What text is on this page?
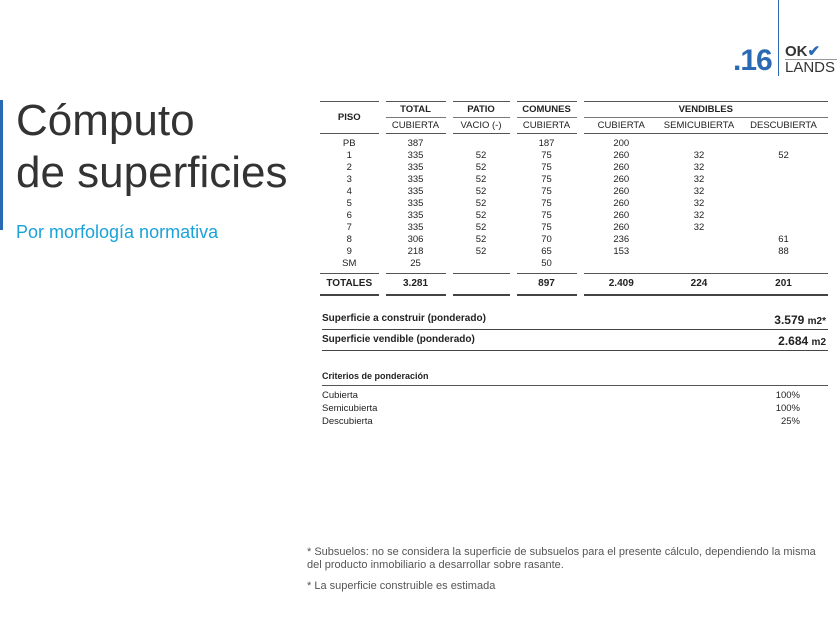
.16 OK✔
LANDS
Cómputo
de superficies
Por morfología normativa
PISO	TOTAL	PATIO	COMUNES	VENDIBLES		
	CUBIERTA	VACIO (-)	CUBIERTA	CUBIERTA	SEMICUBIERTA	DESCUBIERTA
PB	387		187	200		
1	335	52	75	260	32	52
2	335	52	75	260	32	
3	335	52	75	260	32	
4	335	52	75	260	32	
5	335	52	75	260	32	
6	335	52	75	260	32	
7	335	52	75	260	32	
8	306	52	70	236		61
9	218	52	65	153		88
SM	25		50			
TOTALES	3.281		897	2.409	224	201
Superficie a construir (ponderado)	3.579 m2*
Superficie vendible (ponderado)	2.684 m2
Criterios de ponderación
Cubierta	100%
Semicubierta	100%
Descubierta	25%
* Subsuelos: no se considera la superficie de subsuelos para el presente cálculo, dependiendo la misma del producto inmobiliario a desarrollar sobre rasante.
* La superficie construible es estimada
